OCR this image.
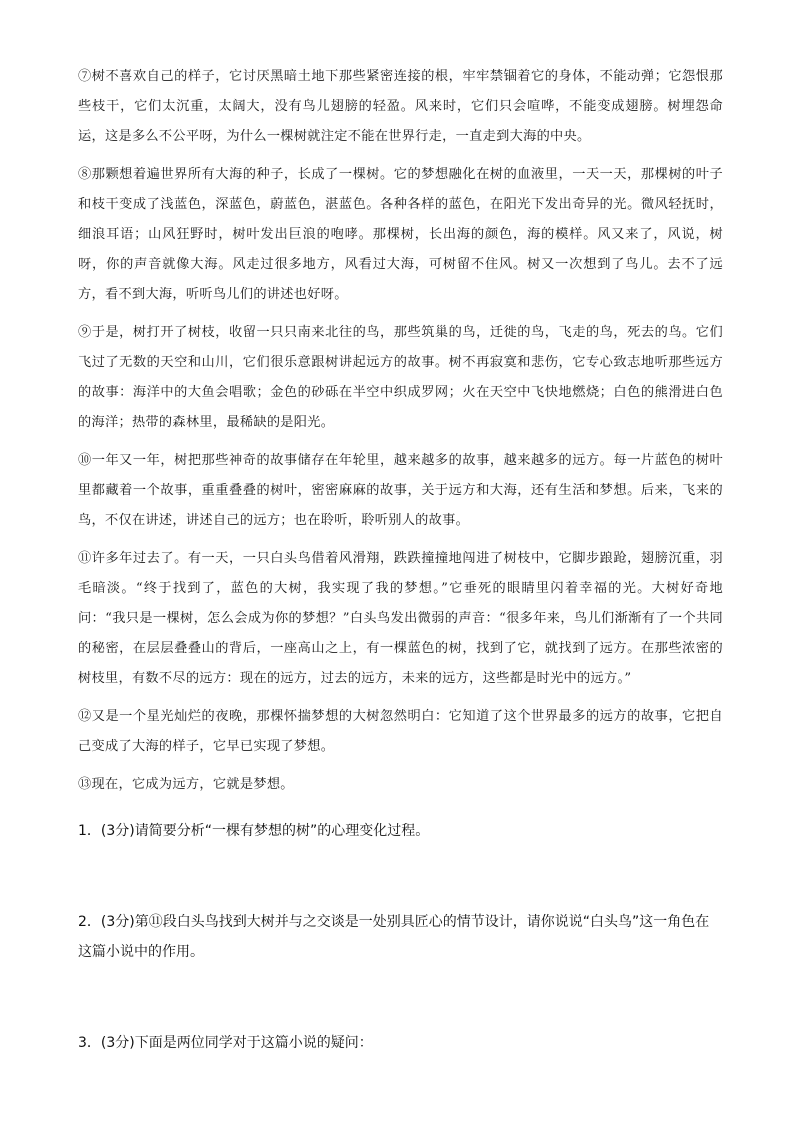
⑦树不喜欢自己的样子，它讨厌黑暗土地下那些紧密连接的根，牢牢禁锢着它的身体，不能动弹；它怨恨那些枝干，它们太沉重，太阔大，没有鸟儿翅膀的轻盈。风来时，它们只会喧哗，不能变成翅膀。树埋怨命运，这是多么不公平呀，为什么一棵树就注定不能在世界行走，一直走到大海的中央。

⑧那颗想着遍世界所有大海的种子，长成了一棵树。它的梦想融化在树的血液里，一天一天，那棵树的叶子和枝干变成了浅蓝色，深蓝色，蔚蓝色，湛蓝色。各种各样的蓝色，在阳光下发出奇异的光。微风轻抚时，细浪耳语；山风狂野时，树叶发出巨浪的咆哮。那棵树，长出海的颜色，海的模样。风又来了，风说，树呀，你的声音就像大海。风走过很多地方，风看过大海，可树留不住风。树又一次想到了鸟儿。去不了远方，看不到大海，听听鸟儿们的讲述也好呀。

⑨于是，树打开了树枝，收留一只只南来北往的鸟，那些筑巢的鸟，迁徙的鸟，飞走的鸟，死去的鸟。它们飞过了无数的天空和山川，它们很乐意跟树讲起远方的故事。树不再寂寞和悲伤，它专心致志地听那些远方的故事：海洋中的大鱼会唱歌；金色的砂砾在半空中织成罗网；火在天空中飞快地燃烧；白色的熊滑进白色的海洋；热带的森林里，最稀缺的是阳光。

⑩一年又一年，树把那些神奇的故事储存在年轮里，越来越多的故事，越来越多的远方。每一片蓝色的树叶里都藏着一个故事，重重叠叠的树叶，密密麻麻的故事，关于远方和大海，还有生活和梦想。后来，飞来的鸟，不仅在讲述，讲述自己的远方；也在聆听，聆听别人的故事。

⑪许多年过去了。有一天，一只白头鸟借着风滑翔，跌跌撞撞地闯进了树枝中，它脚步踉跄，翅膀沉重，羽毛暗淡。“终于找到了，蓝色的大树，我实现了我的梦想。”它垂死的眼睛里闪着幸福的光。大树好奇地问：“我只是一棵树，怎么会成为你的梦想？”白头鸟发出微弱的声音：“很多年来，鸟儿们渐渐有了一个共同的秘密，在层层叠叠山的背后，一座高山之上，有一棵蓝色的树，找到了它，就找到了远方。在那些浓密的树枝里，有数不尽的远方：现在的远方，过去的远方，未来的远方，这些都是时光中的远方。”

⑫又是一个星光灿烂的夜晚，那棵怀揣梦想的大树忽然明白：它知道了这个世界最多的远方的故事，它把自己变成了大海的样子，它早已实现了梦想。

⑬现在，它成为远方，它就是梦想。

1．(3分)请简要分析“一棵有梦想的树”的心理变化过程。

2．(3分)第⑪段白头鸟找到大树并与之交谈是一处别具匠心的情节设计，请你说说“白头鸟”这一角色在这篇小说中的作用。

3．(3分)下面是两位同学对于这篇小说的疑问：
